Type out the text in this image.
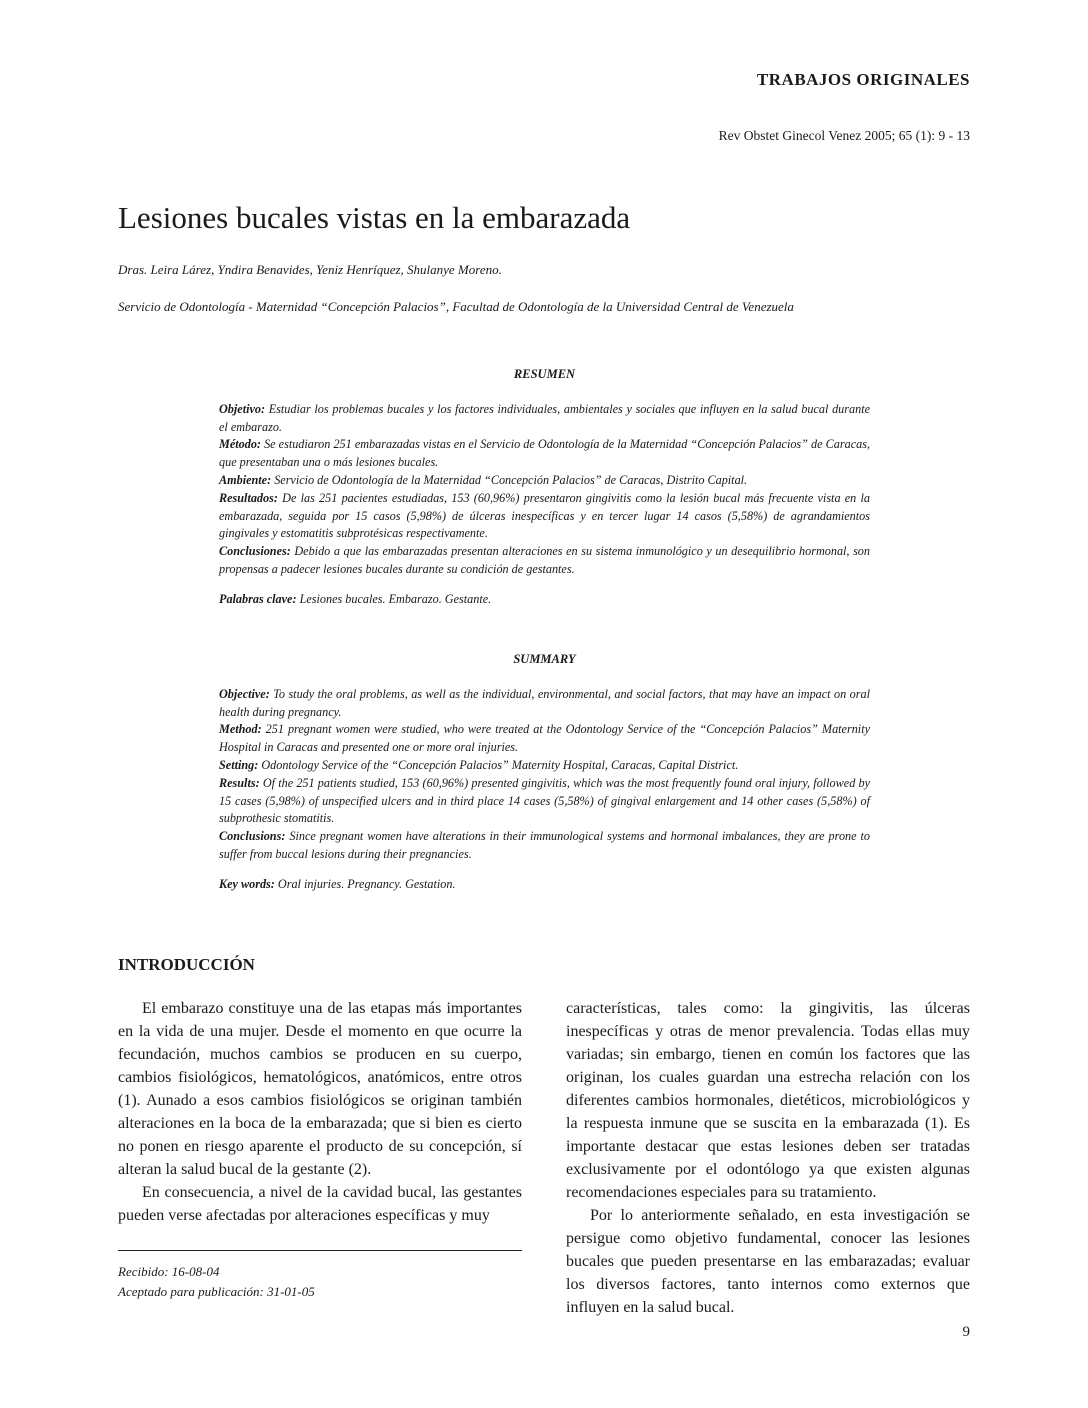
TRABAJOS ORIGINALES
Rev Obstet Ginecol Venez 2005; 65 (1): 9 - 13
Lesiones bucales vistas en la embarazada
Dras. Leira Lárez, Yndira Benavides, Yeniz Henríquez, Shulanye Moreno.
Servicio de Odontología - Maternidad “Concepción Palacios”, Facultad de Odontología de la Universidad Central de Venezuela
RESUMEN

Objetivo: Estudiar los problemas bucales y los factores individuales, ambientales y sociales que influyen en la salud bucal durante el embarazo.

Método: Se estudiaron 251 embarazadas vistas en el Servicio de Odontología de la Maternidad “Concepción Palacios” de Caracas, que presentaban una o más lesiones bucales.

Ambiente: Servicio de Odontología de la Maternidad “Concepción Palacios” de Caracas, Distrito Capital.

Resultados: De las 251 pacientes estudiadas, 153 (60,96%) presentaron gingivitis como la lesión bucal más frecuente vista en la embarazada, seguida por 15 casos (5,98%) de úlceras inespecíficas y en tercer lugar 14 casos (5,58%) de agrandamientos gingivales y estomatitis subprotésicas respectivamente.

Conclusiones: Debido a que las embarazadas presentan alteraciones en su sistema inmunológico y un desequilibrio hormonal, son propensas a padecer lesiones bucales durante su condición de gestantes.

Palabras clave: Lesiones bucales. Embarazo. Gestante.

SUMMARY

Objective: To study the oral problems, as well as the individual, environmental, and social factors, that may have an impact on oral health during pregnancy.

Method: 251 pregnant women were studied, who were treated at the Odontology Service of the “Concepción Palacios” Maternity Hospital in Caracas and presented one or more oral injuries.

Setting: Odontology Service of the “Concepción Palacios” Maternity Hospital, Caracas, Capital District.

Results: Of the 251 patients studied, 153 (60,96%) presented gingivitis, which was the most frequently found oral injury, followed by 15 cases (5,98%) of unspecified ulcers and in third place 14 cases (5,58%) of gingival enlargement and 14 other cases (5,58%) of subprothesic stomatitis.

Conclusions: Since pregnant women have alterations in their immunological systems and hormonal imbalances, they are prone to suffer from buccal lesions during their pregnancies.

Key words: Oral injuries. Pregnancy. Gestation.

INTRODUCCIÓN

El embarazo constituye una de las etapas más importantes en la vida de una mujer. Desde el momento en que ocurre la fecundación, muchos cambios se producen en su cuerpo, cambios fisiológicos, hematológicos, anatómicos, entre otros (1). Aunado a esos cambios fisiológicos se originan también alteraciones en la boca de la embarazada; que si bien es cierto no ponen en riesgo aparente el producto de su concepción, sí alteran la salud bucal de la gestante (2).

En consecuencia, a nivel de la cavidad bucal, las gestantes pueden verse afectadas por alteraciones específicas y muy

características, tales como: la gingivitis, las úlceras inespecíficas y otras de menor prevalencia. Todas ellas muy variadas; sin embargo, tienen en común los factores que las originan, los cuales guardan una estrecha relación con los diferentes cambios hormonales, dietéticos, microbiológicos y la respuesta inmune que se suscita en la embarazada (1). Es importante destacar que estas lesiones deben ser tratadas exclusivamente por el odontólogo ya que existen algunas recomendaciones especiales para su tratamiento.

Por lo anteriormente señalado, en esta investigación se persigue como objetivo fundamental, conocer las lesiones bucales que pueden presentarse en las embarazadas; evaluar los diversos factores, tanto internos como externos que influyen en la salud bucal.

Recibido: 16-08-04
Aceptado para publicación: 31-01-05
9
